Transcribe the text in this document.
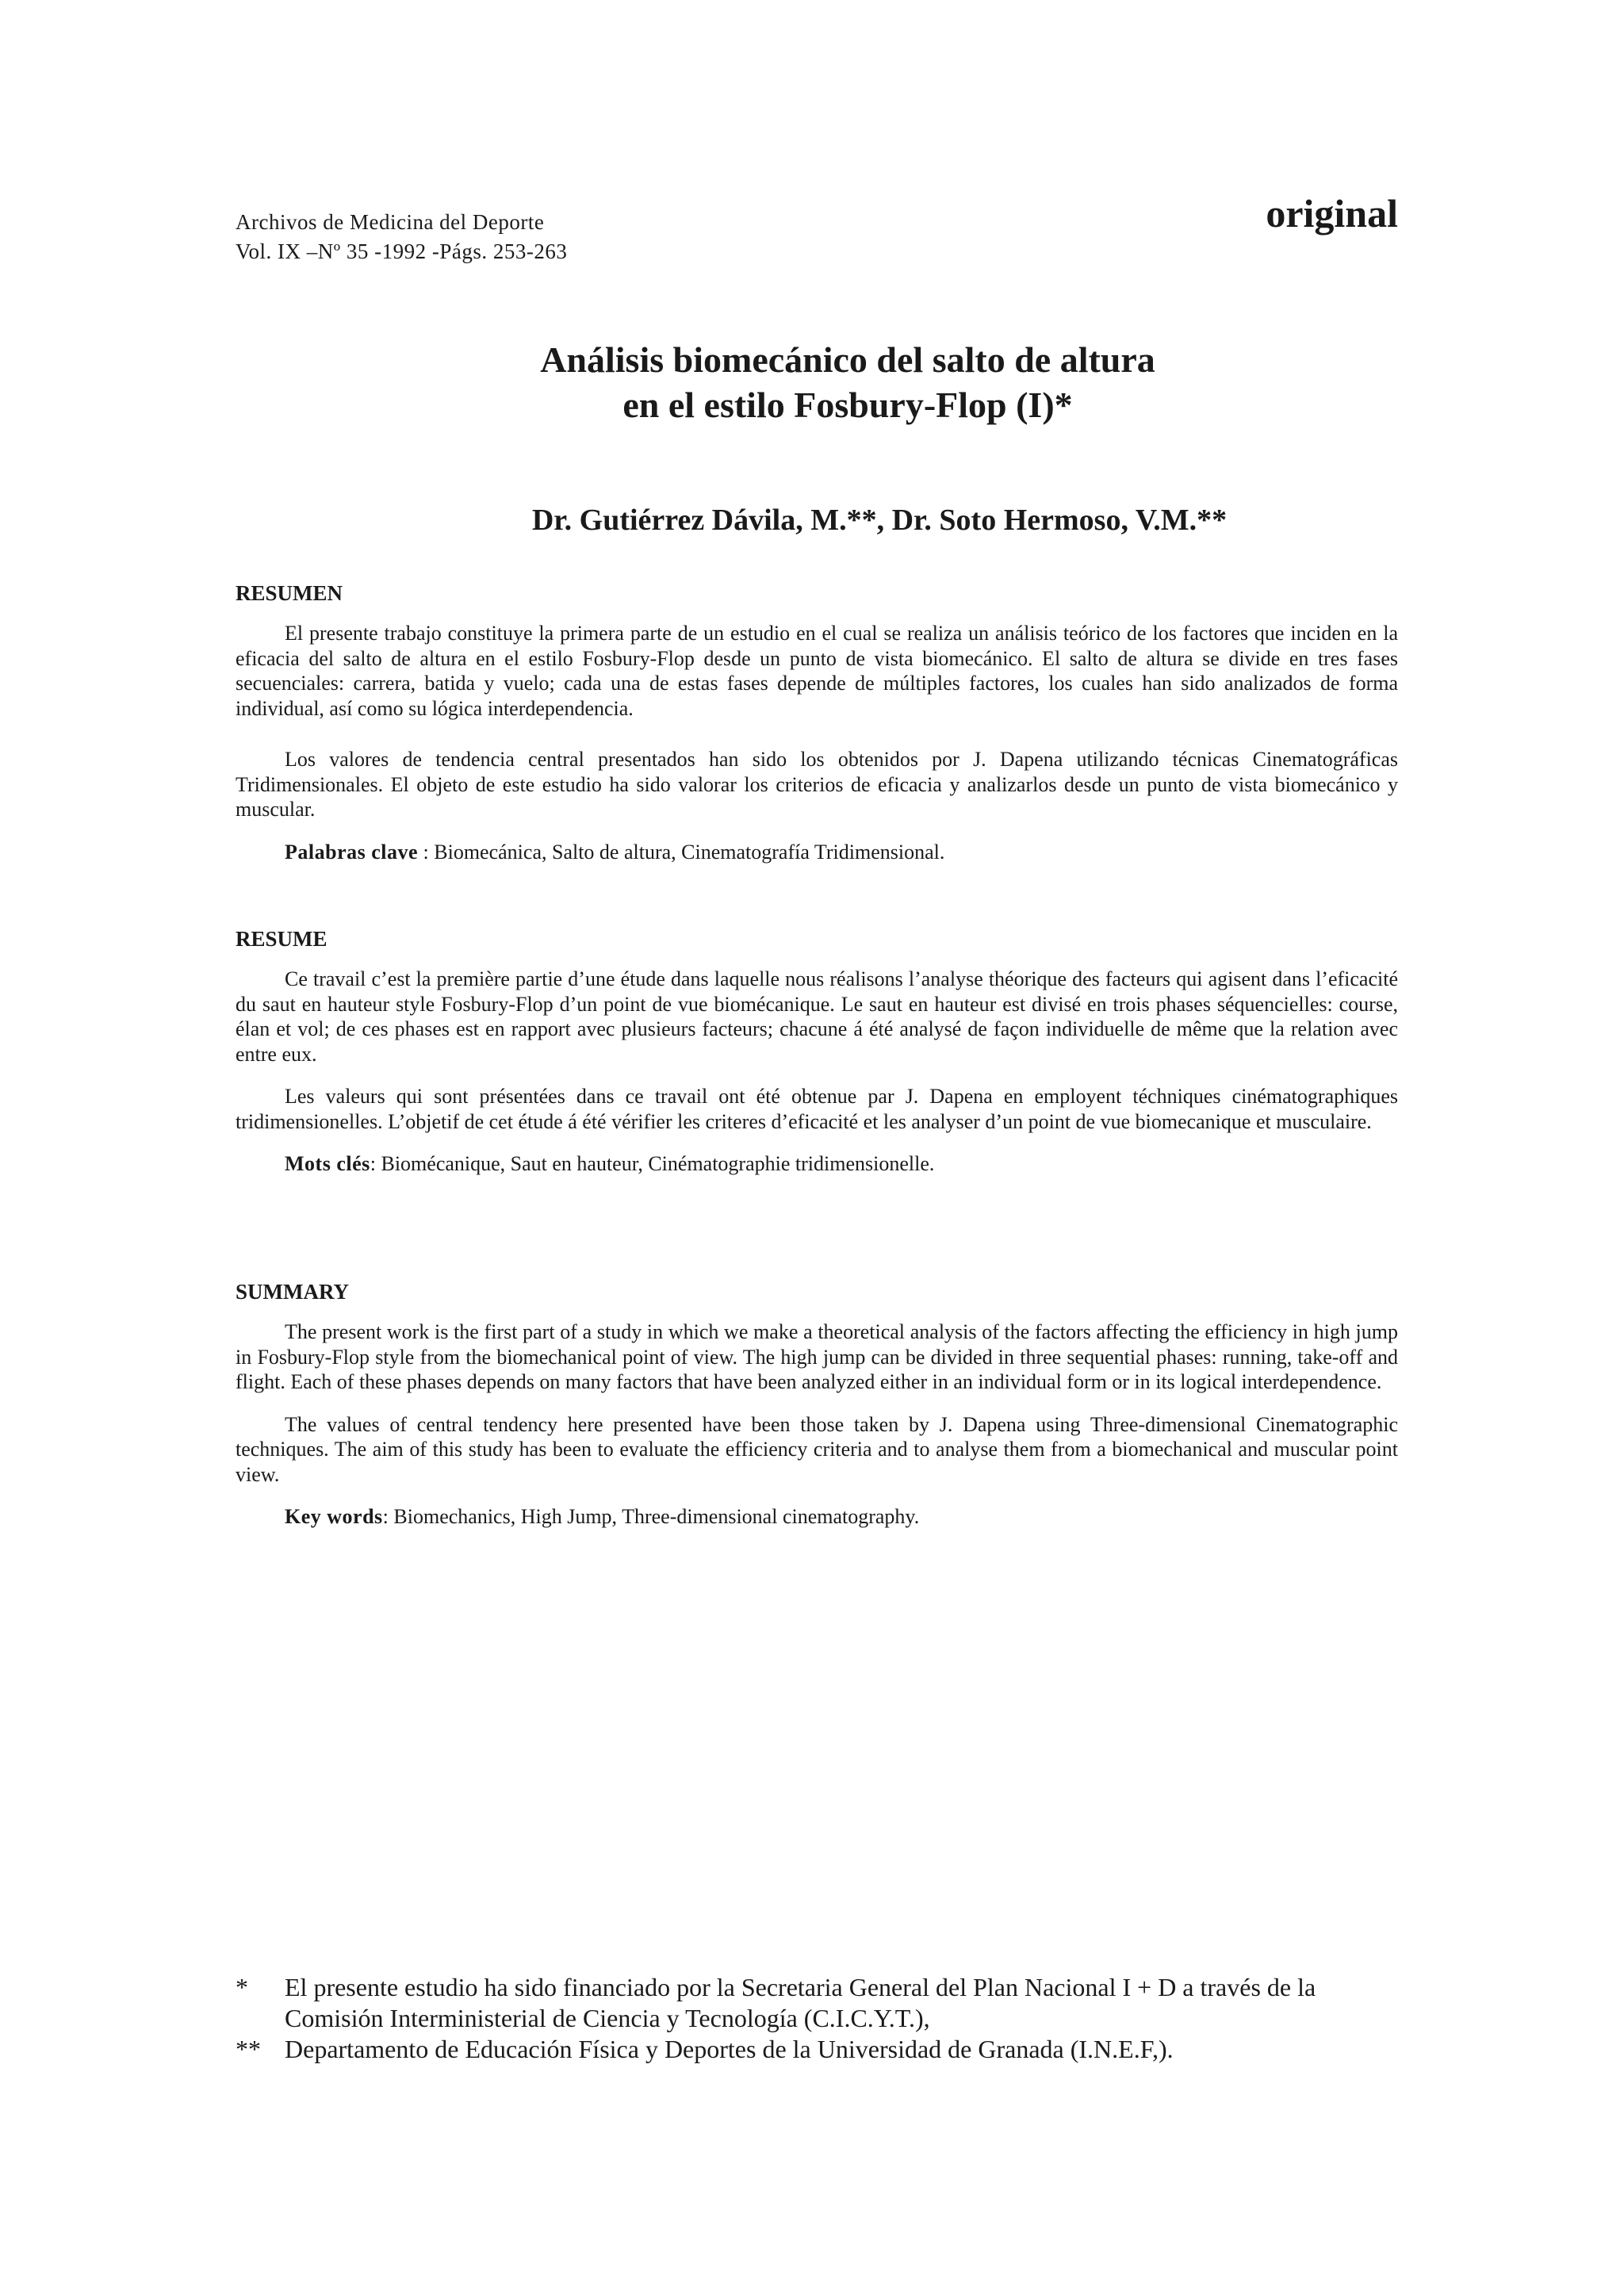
Archivos de Medicina del Deporte
Vol. IX –Nº 35 -1992 -Págs. 253-263
original
Análisis biomecánico del salto de altura
en el estilo Fosbury-Flop (I)*
Dr. Gutiérrez Dávila, M.**, Dr. Soto Hermoso, V.M.**

RESUMEN

El presente trabajo constituye la primera parte de un estudio en el cual se realiza un análisis teórico de los factores que inciden en la eficacia del salto de altura en el estilo Fosbury-Flop desde un punto de vista biomecánico. El salto de altura se divide en tres fases secuenciales: carrera, batida y vuelo; cada una de estas fases depende de múltiples factores, los cuales han sido analizados de forma individual, así como su lógica interdependencia.

Los valores de tendencia central presentados han sido los obtenidos por J. Dapena utilizando técnicas Cinematográficas Tridimensionales. El objeto de este estudio ha sido valorar los criterios de eficacia y analizarlos desde un punto de vista biomecánico y muscular.

Palabras clave : Biomecánica, Salto de altura, Cinematografía Tridimensional.

RESUME

Ce travail c’est la première partie d’une étude dans laquelle nous réalisons l’analyse théorique des facteurs qui agisent dans l’eficacité du saut en hauteur style Fosbury-Flop d’un point de vue biomécanique. Le saut en hauteur est divisé en trois phases séquencielles: course, élan et vol; de ces phases est en rapport avec plusieurs facteurs; chacune á été analysé de façon individuelle de même que la relation avec entre eux.

Les valeurs qui sont présentées dans ce travail ont été obtenue par J. Dapena en employent téchniques cinématographiques tridimensionelles. L’objetif de cet étude á été vérifier les criteres d’eficacité et les analyser d’un point de vue biomecanique et musculaire.

Mots clés: Biomécanique, Saut en hauteur, Cinématographie tridimensionelle.

SUMMARY

The present work is the first part of a study in which we make a theoretical analysis of the factors affecting the efficiency in high jump in Fosbury-Flop style from the biomechanical point of view. The high jump can be divided in three sequential phases: running, take-off and flight. Each of these phases depends on many factors that have been analyzed either in an individual form or in its logical interdependence.

The values of central tendency here presented have been those taken by J. Dapena using Three-dimensional Cinematographic techniques. The aim of this study has been to evaluate the efficiency criteria and to analyse them from a biomechanical and muscular point view.

Key words: Biomechanics, High Jump, Three-dimensional cinematography.

*	El presente estudio ha sido financiado por la Secretaria General del Plan Nacional I + D a través de la Comisión Interministerial de Ciencia y Tecnología (C.I.C.Y.T.),
** Departamento de Educación Física y Deportes de la Universidad de Granada (I.N.E.F,).
